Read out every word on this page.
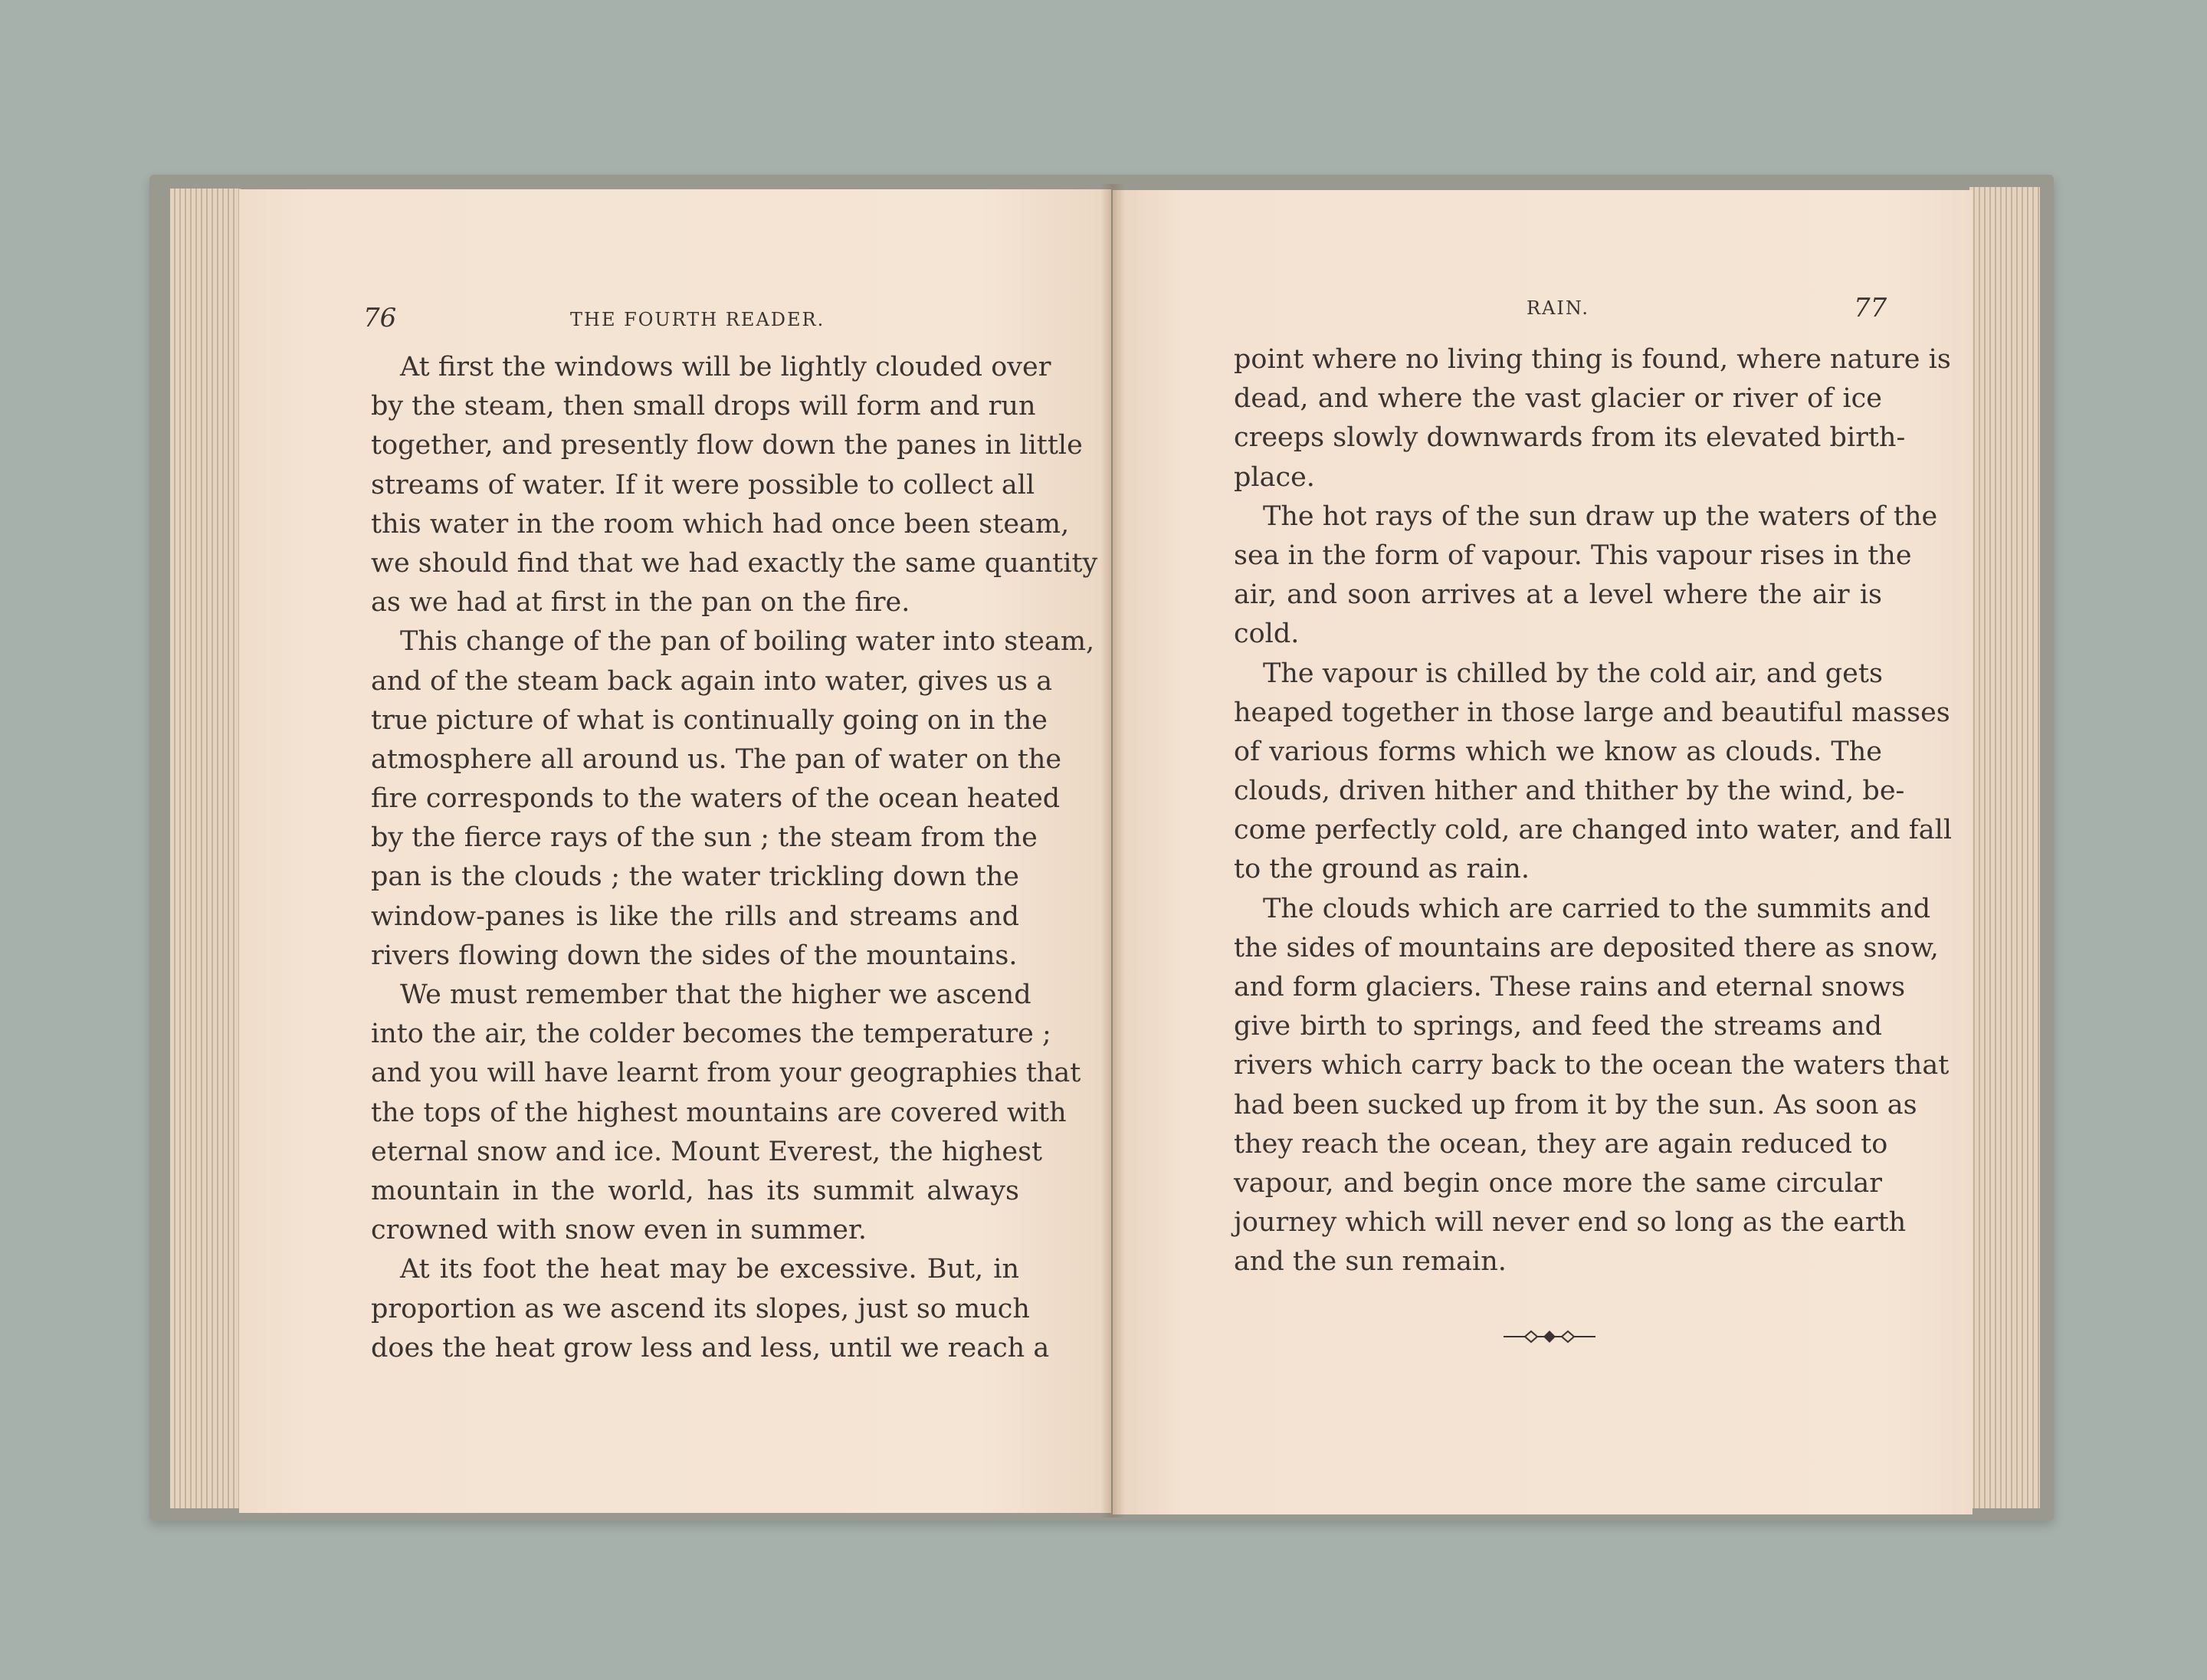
76	THE FOURTH READER.
At first the windows will be lightly clouded over
by the steam, then small drops will form and run
together, and presently flow down the panes in little
streams of water. If it were possible to collect all
this water in the room which had once been steam,
we should find that we had exactly the same quantity
as we had at first in the pan on the fire.
This change of the pan of boiling water into steam,
and of the steam back again into water, gives us a
true picture of what is continually going on in the
atmosphere all around us. The pan of water on the
fire corresponds to the waters of the ocean heated
by the fierce rays of the sun ; the steam from the
pan is the clouds ; the water trickling down the
window-panes is like the rills and streams and
rivers flowing down the sides of the mountains.
We must remember that the higher we ascend
into the air, the colder becomes the temperature ;
and you will have learnt from your geographies that
the tops of the highest mountains are covered with
eternal snow and ice. Mount Everest, the highest
mountain in the world, has its summit always
crowned with snow even in summer.
At its foot the heat may be excessive. But, in
proportion as we ascend its slopes, just so much
does the heat grow less and less, until we reach a
RAIN.	77
point where no living thing is found, where nature is
dead, and where the vast glacier or river of ice
creeps slowly downwards from its elevated birth-
place.
The hot rays of the sun draw up the waters of the
sea in the form of vapour. This vapour rises in the
air, and soon arrives at a level where the air is
cold.
The vapour is chilled by the cold air, and gets
heaped together in those large and beautiful masses
of various forms which we know as clouds. The
clouds, driven hither and thither by the wind, be-
come perfectly cold, are changed into water, and fall
to the ground as rain.
The clouds which are carried to the summits and
the sides of mountains are deposited there as snow,
and form glaciers. These rains and eternal snows
give birth to springs, and feed the streams and
rivers which carry back to the ocean the waters that
had been sucked up from it by the sun. As soon as
they reach the ocean, they are again reduced to
vapour, and begin once more the same circular
journey which will never end so long as the earth
and the sun remain.
